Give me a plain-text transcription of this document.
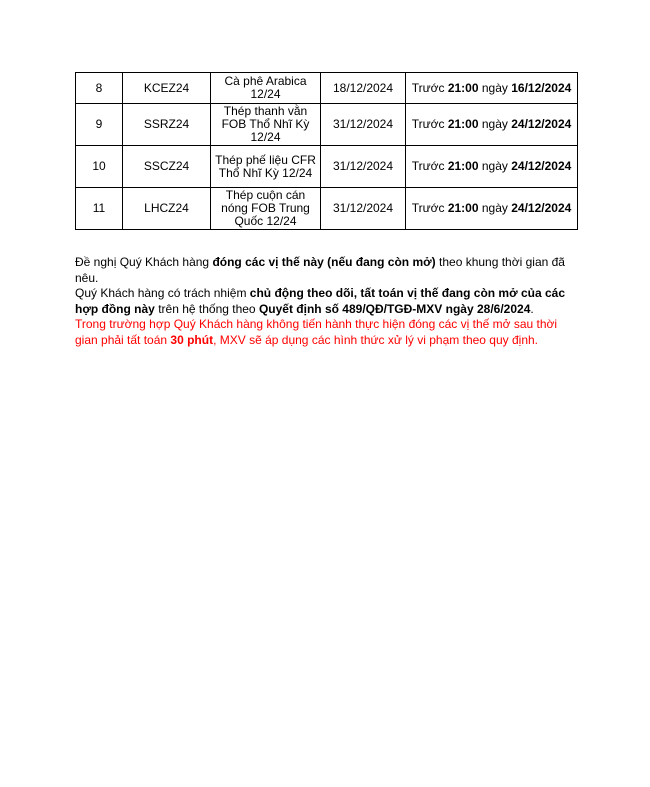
8	KCEZ24	Cà phê Arabica 12/24	18/12/2024	Trước 21:00 ngày 16/12/2024
9	SSRZ24	Thép thanh vằn FOB Thổ Nhĩ Kỳ 12/24	31/12/2024	Trước 21:00 ngày 24/12/2024
10	SSCZ24	Thép phế liệu CFR Thổ Nhĩ Kỳ 12/24	31/12/2024	Trước 21:00 ngày 24/12/2024
11	LHCZ24	Thép cuộn cán nóng FOB Trung Quốc 12/24	31/12/2024	Trước 21:00 ngày 24/12/2024

Đề nghị Quý Khách hàng đóng các vị thế này (nếu đang còn mở) theo khung thời gian đã nêu.

Quý Khách hàng có trách nhiệm chủ động theo dõi, tất toán vị thế đang còn mở của các hợp đồng này trên hệ thống theo Quyết định số 489/QĐ/TGĐ-MXV ngày 28/6/2024.

Trong trường hợp Quý Khách hàng không tiến hành thực hiện đóng các vị thế mở sau thời gian phải tất toán 30 phút, MXV sẽ áp dụng các hình thức xử lý vi phạm theo quy định.
